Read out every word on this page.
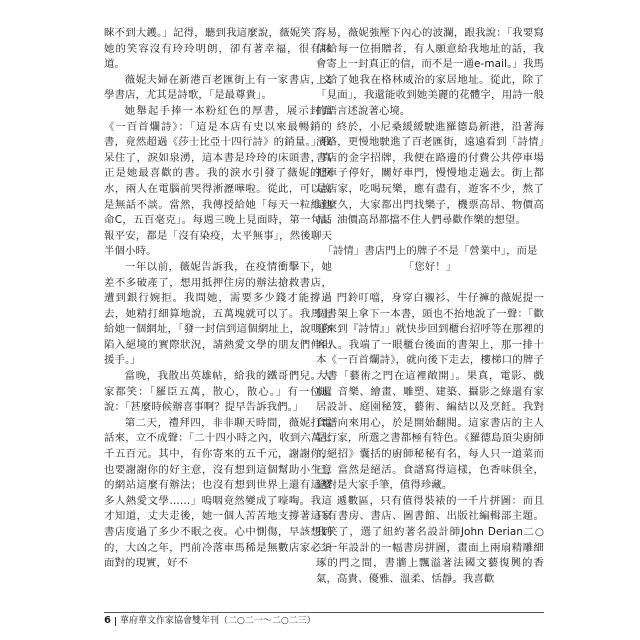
睞不到大鑊。」記得，聽到我這麼說，薇妮笑了，她的笑容沒有玲玲明朗，卻有著幸福，很有味道。

薇妮夫婦在新港百老匯街上有一家書店，文學書店，尤其是詩歌，「是最尊貴」。

她舉起手捧一本粉紅色的厚書，展示封面《一百首爛詩》：「這是本店有史以來最暢銷的書，竟然超過《莎士比亞十四行詩》的銷量。」我呆住了，淚如泉湧，這本書是玲玲的床頭書，真正是她最喜歡的書。我的淚水引發了薇妮的淚水，兩人在電腦前哭得淅瀝嘩啦。從此，可以說是無話不談。當然，我傳授給她「每天一粒維他命C，五百毫克」。每週三晚上見面時，第一句話報平安，都是「沒有染疫，太平無事」，然後聊天半個小時。

一年以前，薇妮告訴我，在疫情衝擊下，她差不多破產了，想用抵押住房的辦法搶救書店，遭到銀行婉拒。我問她，需要多少錢才能撐過去，她精打細算地說，五萬塊就可以了。我馬上給她一個網址，「發一封信到這個網址上，說明你陷入絕境的實際狀況，請熱愛文學的朋友們伸出援手。」

當晚，我散出英雄帖，給我的鐵哥們兒。大家都笑：「羅臣五萬，散心，散心。」有一位還說：「甚麼時候辦喜事啊？提早告訴我們。」

第二天，禮拜四，非非聊天時間，薇妮打電話來，立不成聲：「二十四小時之內，收到六萬七千五百元。其中，有你寄來的五千元，謝謝你，也要謝謝你的好主意，沒有想到這個幫助小生意的網站這麼有辦法；也沒有想到世界上還有這麼多人熱愛文學……」嗚咽竟然變成了嚎啕。我這才知道，丈夫走後，她一個人苦苦地支撐著這家書店度過了多少不眠之夜。心中惻傷，早該想到的，大凶之年，門前冷落車馬稀是無數店家必須面對的現實，好不

容易，薇妮強壓下內心的波瀾，跟我說：「我要寫信給每一位捐贈者，有人願意給我地址的話，我會寄上一封真正的信，而不是一通e-mail。」我馬上給了她我在格林威治的家居地址。從此，除了「見面」，我還能收到她美麗的花體字，用詩一般的語言述說著心境。

終於，小尼桑緩緩駛進羅德島新港，沿著海濱路，更慢地駛進了百老匯街，遠遠看到「詩情」書店的金字招牌，我便在路邊的付費公共停車場把車子停好，關好車門，慢慢地走過去。街上都是店家，吃喝玩樂，應有盡有，遊客不少，熬了這麼久，大家都出門找樂子，機票高昂、物價高昂、油價高昂都擋不住人們尋歡作樂的想望。

「詩情」書店門上的牌子不是「營業中」，而是「您好！」

門鈴叮噹，身穿白襯衫、牛仔褲的薇妮提一個書架上拿下一本書，頭也不抬地說了一聲：「歡迎來到『詩情』」就快步回到櫃台招呼等在那裡的客人。我端了一眼櫃台後面的書架上，那一排十本《一百首爛詩》，就向後下走去，樓梯口的牌子大書「藝術之門在這裡敞開」。果真，電影、戲劇、音樂、繪畫、雕塑、建築、攝影之綠還有家居設計、庭園秘笈，藝術、編結以及烹飪。我對食譜向來用心，於是開始翻閱。這家書店的主人是行家，所選之書都極有特色。《羅德島頂尖廚師的絕招》囊括的廚師秘秘有名，每人只一道菜而已，當然是絕活。食譜寫得這樣，色香味俱全，絕對是大家手筆，值得珍藏。

遞數區，只有值得裝裱的一千片拼圖：而且只有書房、書店、圖書館、出版社編輯部主題。我笑了，選了紐約著名設計師John Derian二○二一年設計的一幅書房拼圖，畫面上兩扇精雕細琢的門之間，書牆上飄溢著法國文藝復興的香氣，高貴、優雅、溫柔、恬靜。我喜歡

6 華府華文作家協會雙年刊（二○二一～二○二三）
